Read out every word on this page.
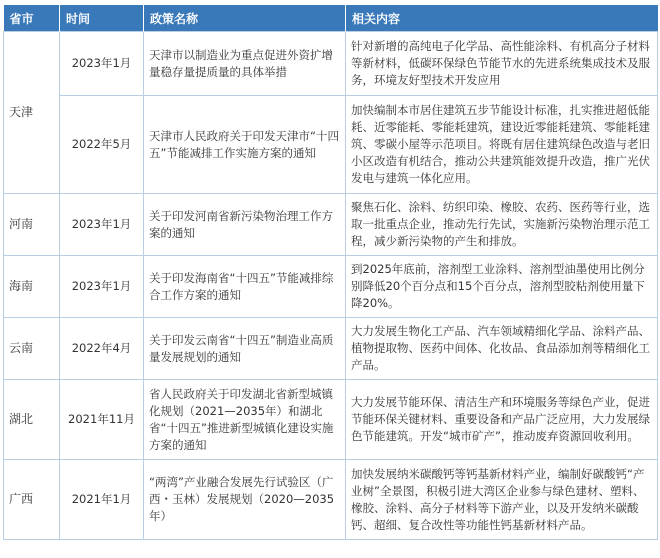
省市	时间	政策名称	相关内容
天津	2023年1月	天津市以制造业为重点促进外资扩增量稳存量提质量的具体举措	针对新增的高纯电子化学品、高性能涂料、有机高分子材料等新材料，低碳环保绿色节能节水的先进系统集成技术及服务，环境友好型技术开发应用
	2022年5月	天津市人民政府关于印发天津市“十四五”节能减排工作实施方案的通知	加快编制本市居住建筑五步节能设计标准，扎实推进超低能耗、近零能耗、零能耗建筑，建设近零能耗建筑、零能耗建筑、零碳小屋等示范项目。将既有居住建筑绿色改造与老旧小区改造有机结合，推动公共建筑能效提升改造，推广光伏发电与建筑一体化应用。
河南	2023年1月	关于印发河南省新污染物治理工作方案的通知	聚焦石化、涂料、纺织印染、橡胶、农药、医药等行业，选取一批重点企业，推动先行先试，实施新污染物治理示范工程，减少新污染物的产生和排放。
海南	2023年1月	关于印发海南省“十四五”节能减排综合工作方案的通知	到2025年底前，溶剂型工业涂料、溶剂型油墨使用比例分别降低20个百分点和15个百分点，溶剂型胶粘剂使用量下降20%。
云南	2022年4月	关于印发云南省“十四五”制造业高质量发展规划的通知	大力发展生物化工产品、汽车领域精细化学品、涂料产品、植物提取物、医药中间体、化妆品、食品添加剂等精细化工产品。
湖北	2021年11月	省人民政府关于印发湖北省新型城镇化规划（2021—2035年）和湖北省“十四五”推进新型城镇化建设实施方案的通知	大力发展节能环保、清洁生产和环境服务等绿色产业，促进节能环保关键材料、重要设备和产品广泛应用，大力发展绿色节能建筑。开发“城市矿产”，推动废弃资源回收利用。
广西	2021年1月	“两湾”产业融合发展先行试验区（广西・玉林）发展规划（2020—2035年）	加快发展纳米碳酸钙等钙基新材料产业，编制好碳酸钙“产业树”全景图，积极引进大湾区企业参与绿色建材、塑料、橡胶、涂料、高分子材料等下游产业，以及开发纳米碳酸钙、超细、复合改性等功能性钙基新材料产品。
